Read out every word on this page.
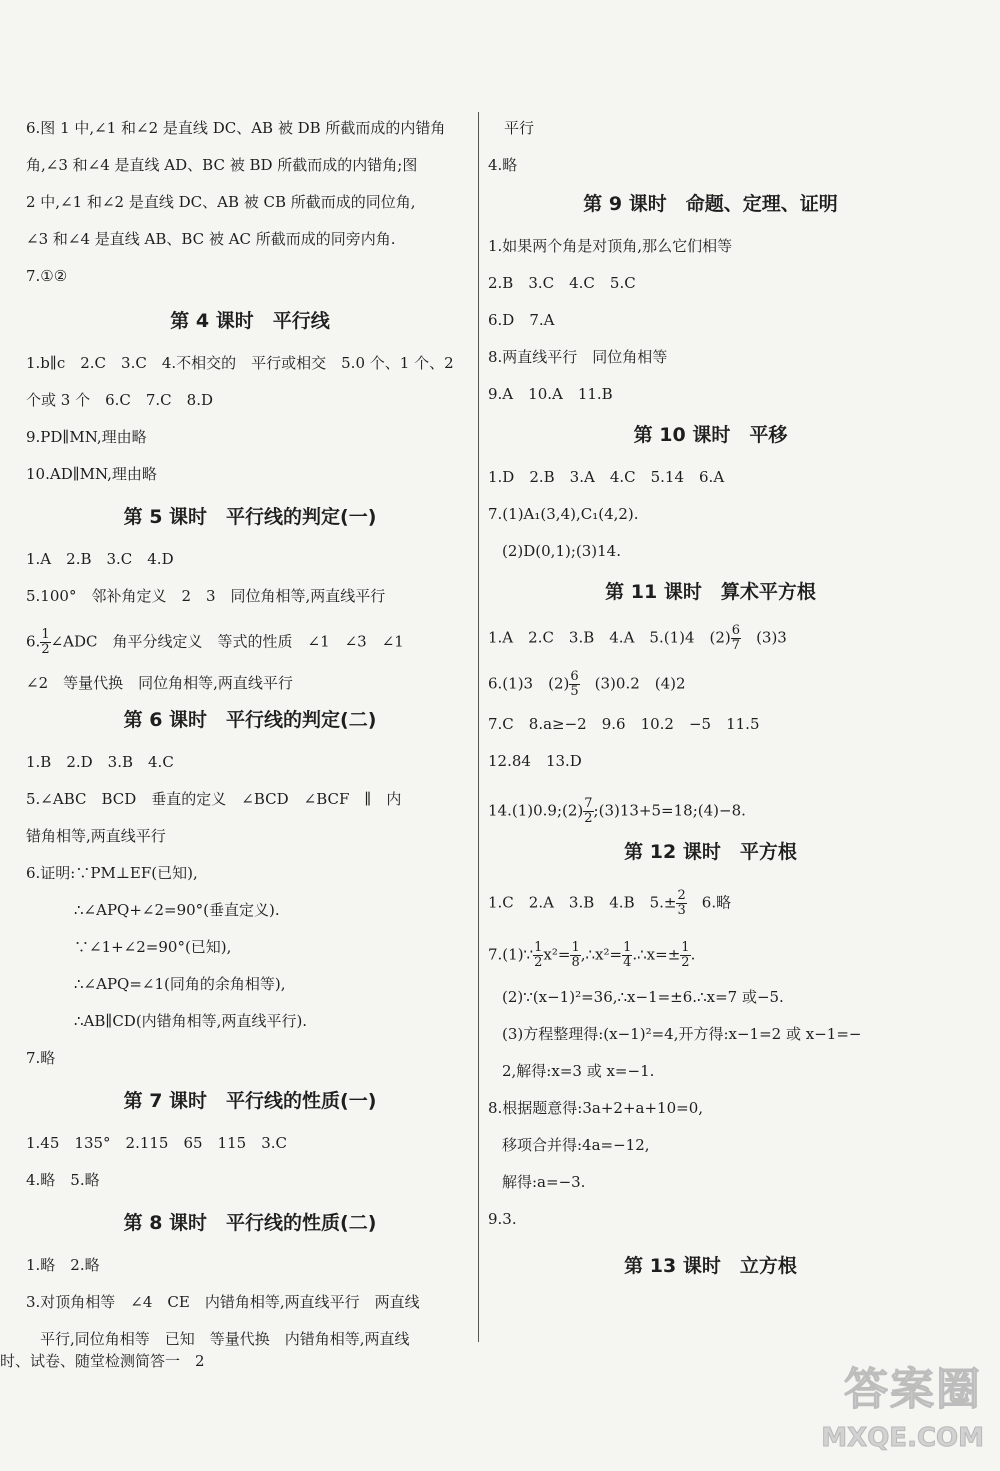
6.图 1 中,∠1 和∠2 是直线 DC、AB 被 DB 所截而成的内错角

角,∠3 和∠4 是直线 AD、BC 被 BD 所截而成的内错角;图

2 中,∠1 和∠2 是直线 DC、AB 被 CB 所截而成的同位角,

∠3 和∠4 是直线 AB、BC 被 AC 所截而成的同旁内角.

7.①②

第 4 课时　平行线

1.b∥c　2.C　3.C　4.不相交的　平行或相交　5.0 个、1 个、2

个或 3 个　6.C　7.C　8.D

9.PD∥MN,理由略

10.AD∥MN,理由略

第 5 课时　平行线的判定(一)

1.A　2.B　3.C　4.D

5.100°　邻补角定义　2　3　同位角相等,两直线平行

6. $\frac{1}{2}$ ∠ADC　角平分线定义　等式的性质　∠1　∠3　∠1

∠2　等量代换　同位角相等,两直线平行

第 6 课时　平行线的判定(二)

1.B　2.D　3.B　4.C

5.∠ABC　BCD　垂直的定义　∠BCD　∠BCF　∥　内

错角相等,两直线平行

6.证明:∵PM⊥EF(已知),

∴∠APQ+∠2=90°(垂直定义).

∵∠1+∠2=90°(已知),

∴∠APQ=∠1(同角的余角相等),

∴AB∥CD(内错角相等,两直线平行).

7.略

第 7 课时　平行线的性质(一)

1.45　135°　2.115　65　115　3.C

4.略　5.略

第 8 课时　平行线的性质(二)

1.略　2.略

3.对顶角相等　∠4　CE　内错角相等,两直线平行　两直线

平行,同位角相等　已知　等量代换　内错角相等,两直线

平行

4.略

第 9 课时　命题、定理、证明

1.如果两个角是对顶角,那么它们相等

2.B　3.C　4.C　5.C

6.D　7.A

8.两直线平行　同位角相等

9.A　10.A　11.B

第 10 课时　平移

1.D　2.B　3.A　4.C　5.14　6.A

7.(1)A₁(3,4),C₁(4,2).

(2)D(0,1);(3)14.

第 11 课时　算术平方根

1.A　2.C　3.B　4.A　5.(1)4　$(2) \frac{6}{7}$
　 (3)3

6.(1)3　$(2) \frac{6}{5}$
　 (3)0.2　(4)2

7.C　8.a≥−2　9.6　10.2　−5　11.5

12.84　13.D

14.(1)0.9;(2) $\frac{7}{2}$ ;(3)13+5=18;(4)−8.

第 12 课时　平方根

1.C　2.A　3.B　4.B　$5.\pm \frac{2}{3}$
　 6.略

7.(1)∵ $\frac{1}{2} x^2= \frac{1}{8}$ ,∴x²= $\frac{1}{4}$ .∴x=± $\frac{1}{2}$ .

(2)∵(x−1)²=36,∴x−1=±6.∴x=7 或−5.

(3)方程整理得:(x−1)²=4,开方得:x−1=2 或 x−1=−

2,解得:x=3 或 x=−1.

8.根据题意得:3a+2+a+10=0,

移项合并得:4a=−12,

解得:a=−3.

9.3.

第 13 课时　立方根

时、试卷、随堂检测简答一　2
答案圈
MXQE.COM
